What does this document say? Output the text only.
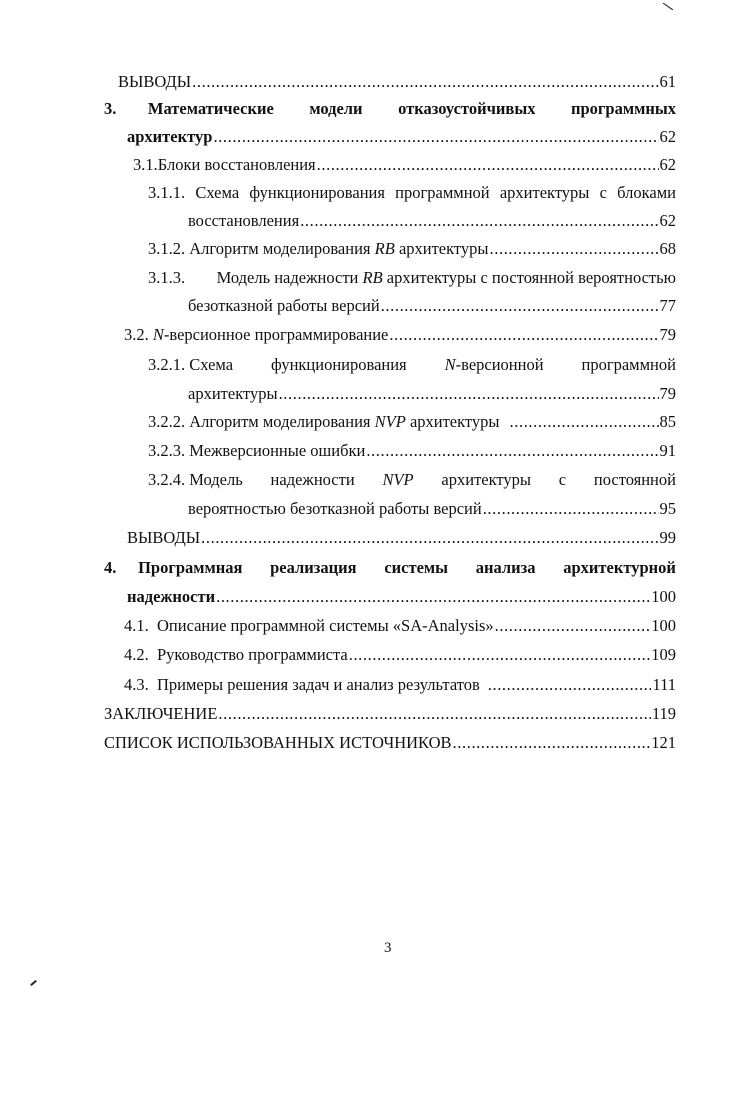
ВЫВОДЫ .....	61
3. Математические модели отказоустойчивых программных
архитектур .....	62
3.1.Блоки восстановления .....	62
3.1.1. Схема функционирования программной архитектуры с блоками
восстановления .....	62
3.1.2. Алгоритм моделирования RB архитектуры .....	68
3.1.3. Модель надежности RB архитектуры с постоянной вероятностью
безотказной работы версий .....	77
3.2. N-версионное программирование .....	79
3.2.1. Схема функционирования N-версионной программной
архитектуры .....	79
3.2.2. Алгоритм моделирования NVP архитектуры .....	85
3.2.3. Межверсионные ошибки .....	91
3.2.4. Модель надежности NVP архитектуры с постоянной
вероятностью безотказной работы версий .....	95
ВЫВОДЫ .....	99
4. Программная реализация системы анализа архитектурной
надежности .....	100
4.1.  Описание программной системы «SA-Analysis» .....	100
4.2.  Руководство программиста .....	109
4.3.  Примеры решения задач и анализ результатов .....	111
ЗАКЛЮЧЕНИЕ .....	119
СПИСОК ИСПОЛЬЗОВАННЫХ ИСТОЧНИКОВ .....	121
3
